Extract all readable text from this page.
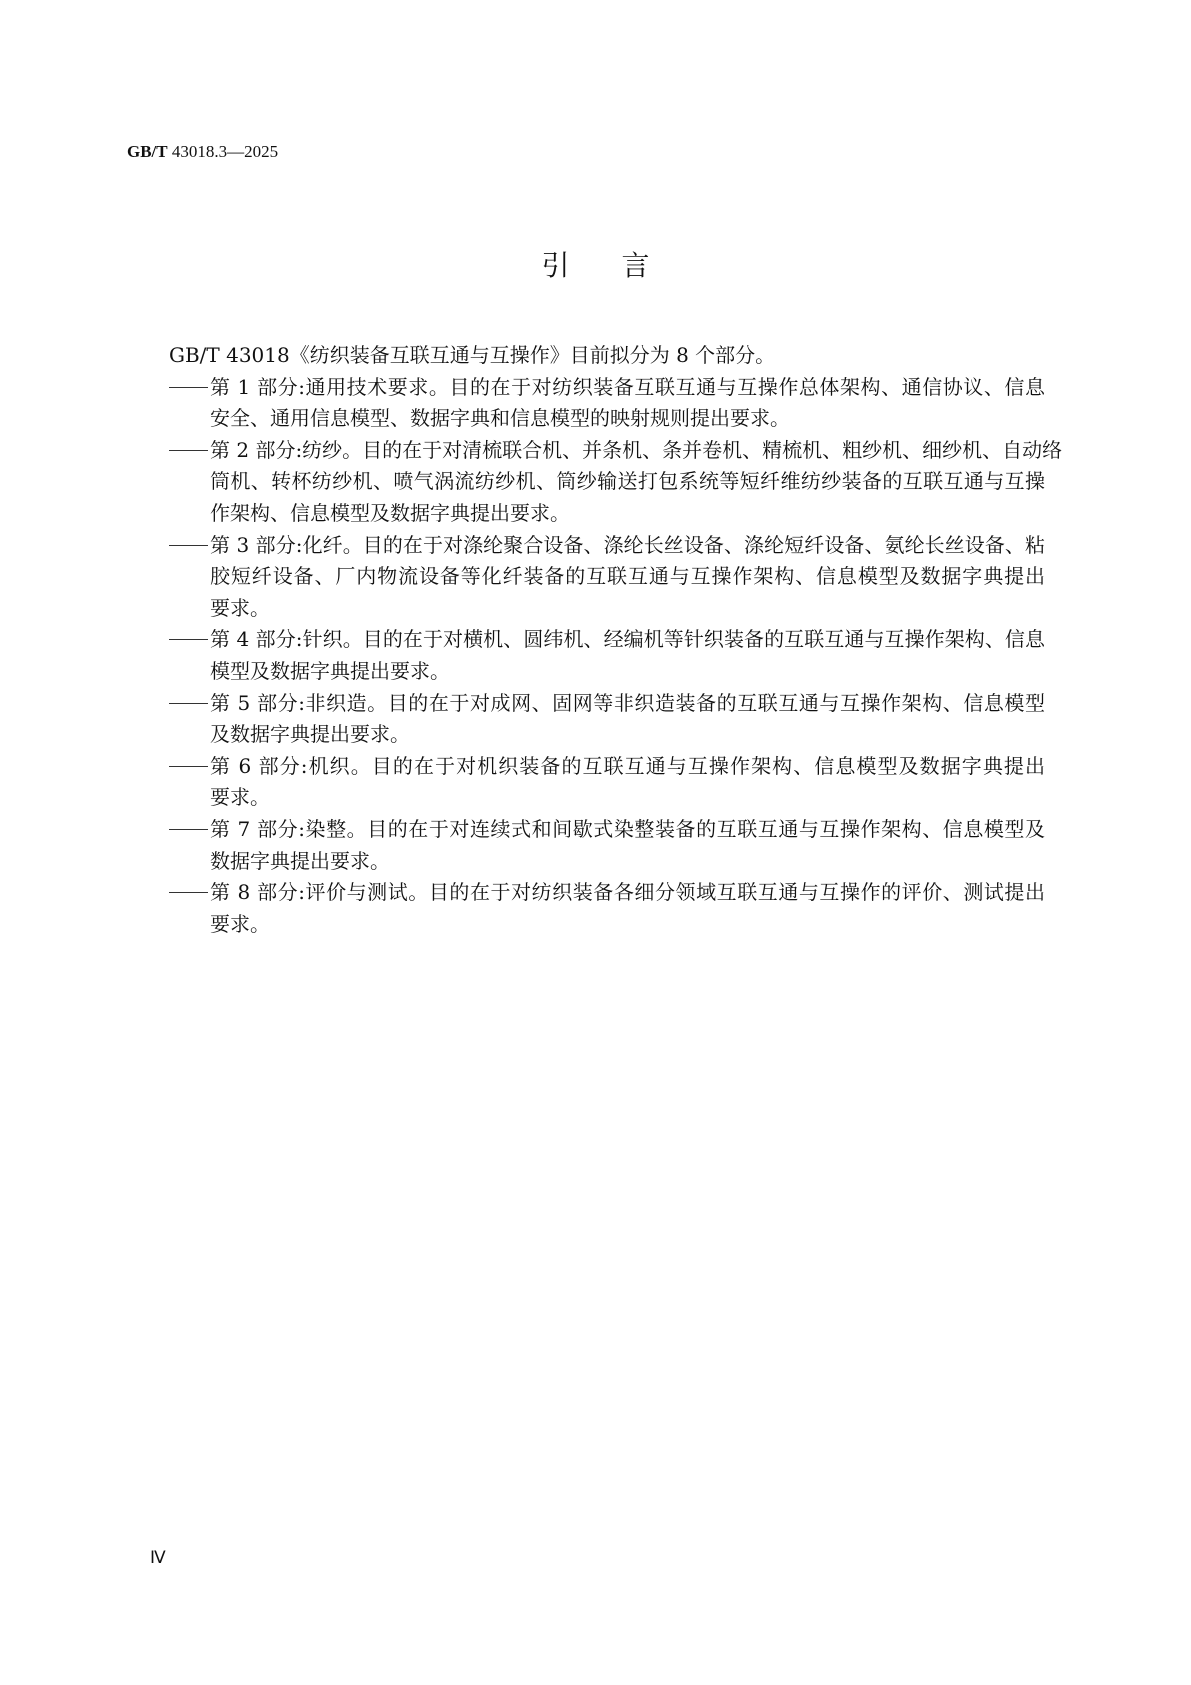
GB/T 43018.3—2025
引言
GB/T 43018《纺织装备互联互通与互操作》目前拟分为 8 个部分。
第 1 部分:通用技术要求。目的在于对纺织装备互联互通与互操作总体架构、通信协议、信息
安全、通用信息模型、数据字典和信息模型的映射规则提出要求。
第 2 部分:纺纱。目的在于对清梳联合机、并条机、条并卷机、精梳机、粗纱机、细纱机、自动络
筒机、转杯纺纱机、喷气涡流纺纱机、筒纱输送打包系统等短纤维纺纱装备的互联互通与互操
作架构、信息模型及数据字典提出要求。
第 3 部分:化纤。目的在于对涤纶聚合设备、涤纶长丝设备、涤纶短纤设备、氨纶长丝设备、粘
胶短纤设备、厂内物流设备等化纤装备的互联互通与互操作架构、信息模型及数据字典提出
要求。
第 4 部分:针织。目的在于对横机、圆纬机、经编机等针织装备的互联互通与互操作架构、信息
模型及数据字典提出要求。
第 5 部分:非织造。目的在于对成网、固网等非织造装备的互联互通与互操作架构、信息模型
及数据字典提出要求。
第 6 部分:机织。目的在于对机织装备的互联互通与互操作架构、信息模型及数据字典提出
要求。
第 7 部分:染整。目的在于对连续式和间歇式染整装备的互联互通与互操作架构、信息模型及
数据字典提出要求。
第 8 部分:评价与测试。目的在于对纺织装备各细分领域互联互通与互操作的评价、测试提出
要求。
Ⅳ
